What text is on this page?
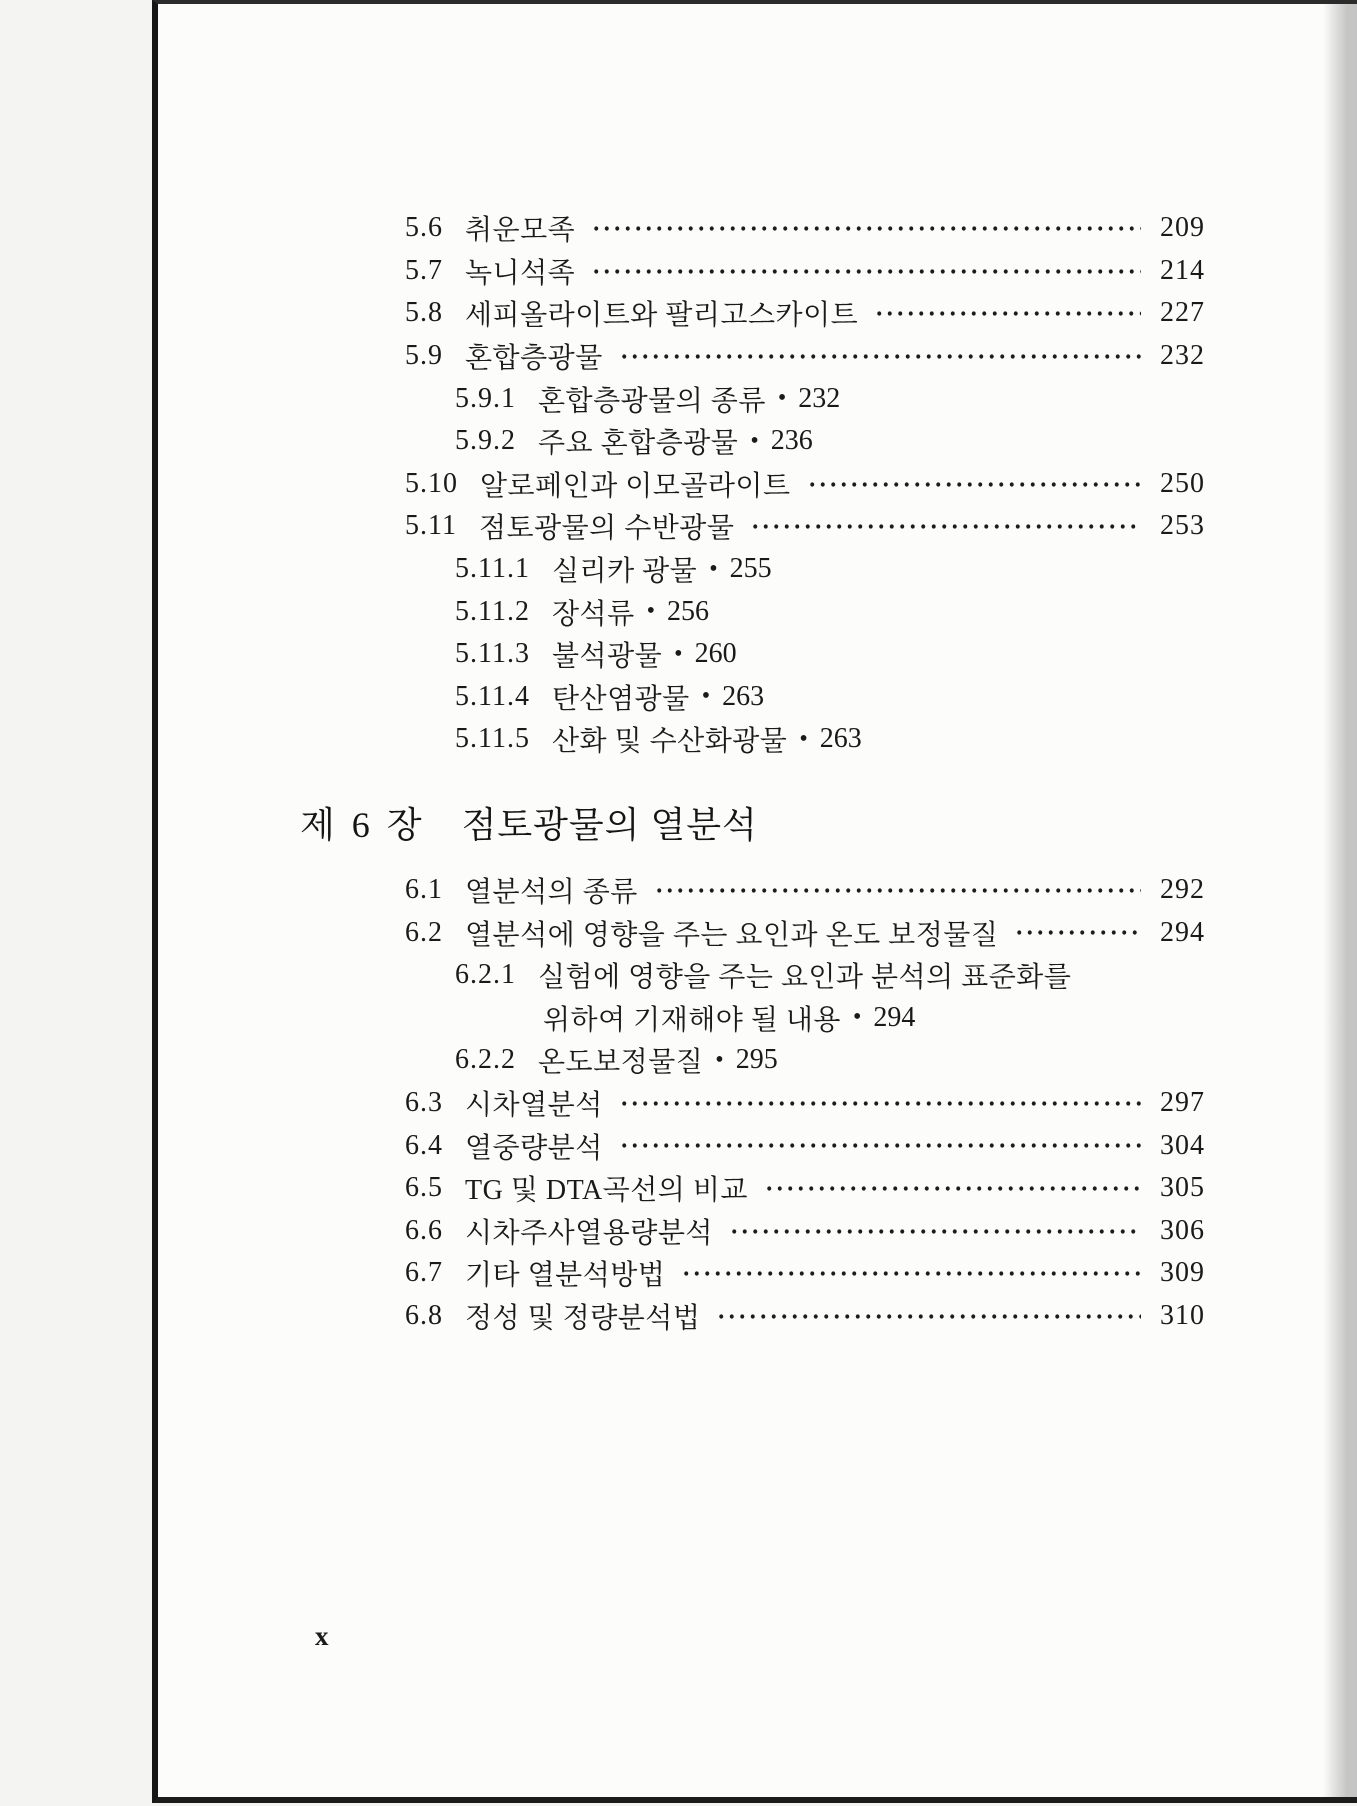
5.6 취운모족	209
5.7 녹니석족	214
5.8 세피올라이트와 팔리고스카이트	227
5.9 혼합층광물	232
5.9.1 혼합층광물의 종류 • 232
5.9.2 주요 혼합층광물 • 236
5.10 알로페인과 이모골라이트	250
5.11 점토광물의 수반광물	253
5.11.1 실리카 광물 • 255
5.11.2 장석류 • 256
5.11.3 불석광물 • 260
5.11.4 탄산염광물 • 263
5.11.5 산화 및 수산화광물 • 263
제 6 장 점토광물의 열분석
6.1 열분석의 종류	292
6.2 열분석에 영향을 주는 요인과 온도 보정물질	294
6.2.1 실험에 영향을 주는 요인과 분석의 표준화를
위하여 기재해야 될 내용 • 294
6.2.2 온도보정물질 • 295
6.3 시차열분석	297
6.4 열중량분석	304
6.5 TG 및 DTA곡선의 비교	305
6.6 시차주사열용량분석	306
6.7 기타 열분석방법	309
6.8 정성 및 정량분석법	310
x
